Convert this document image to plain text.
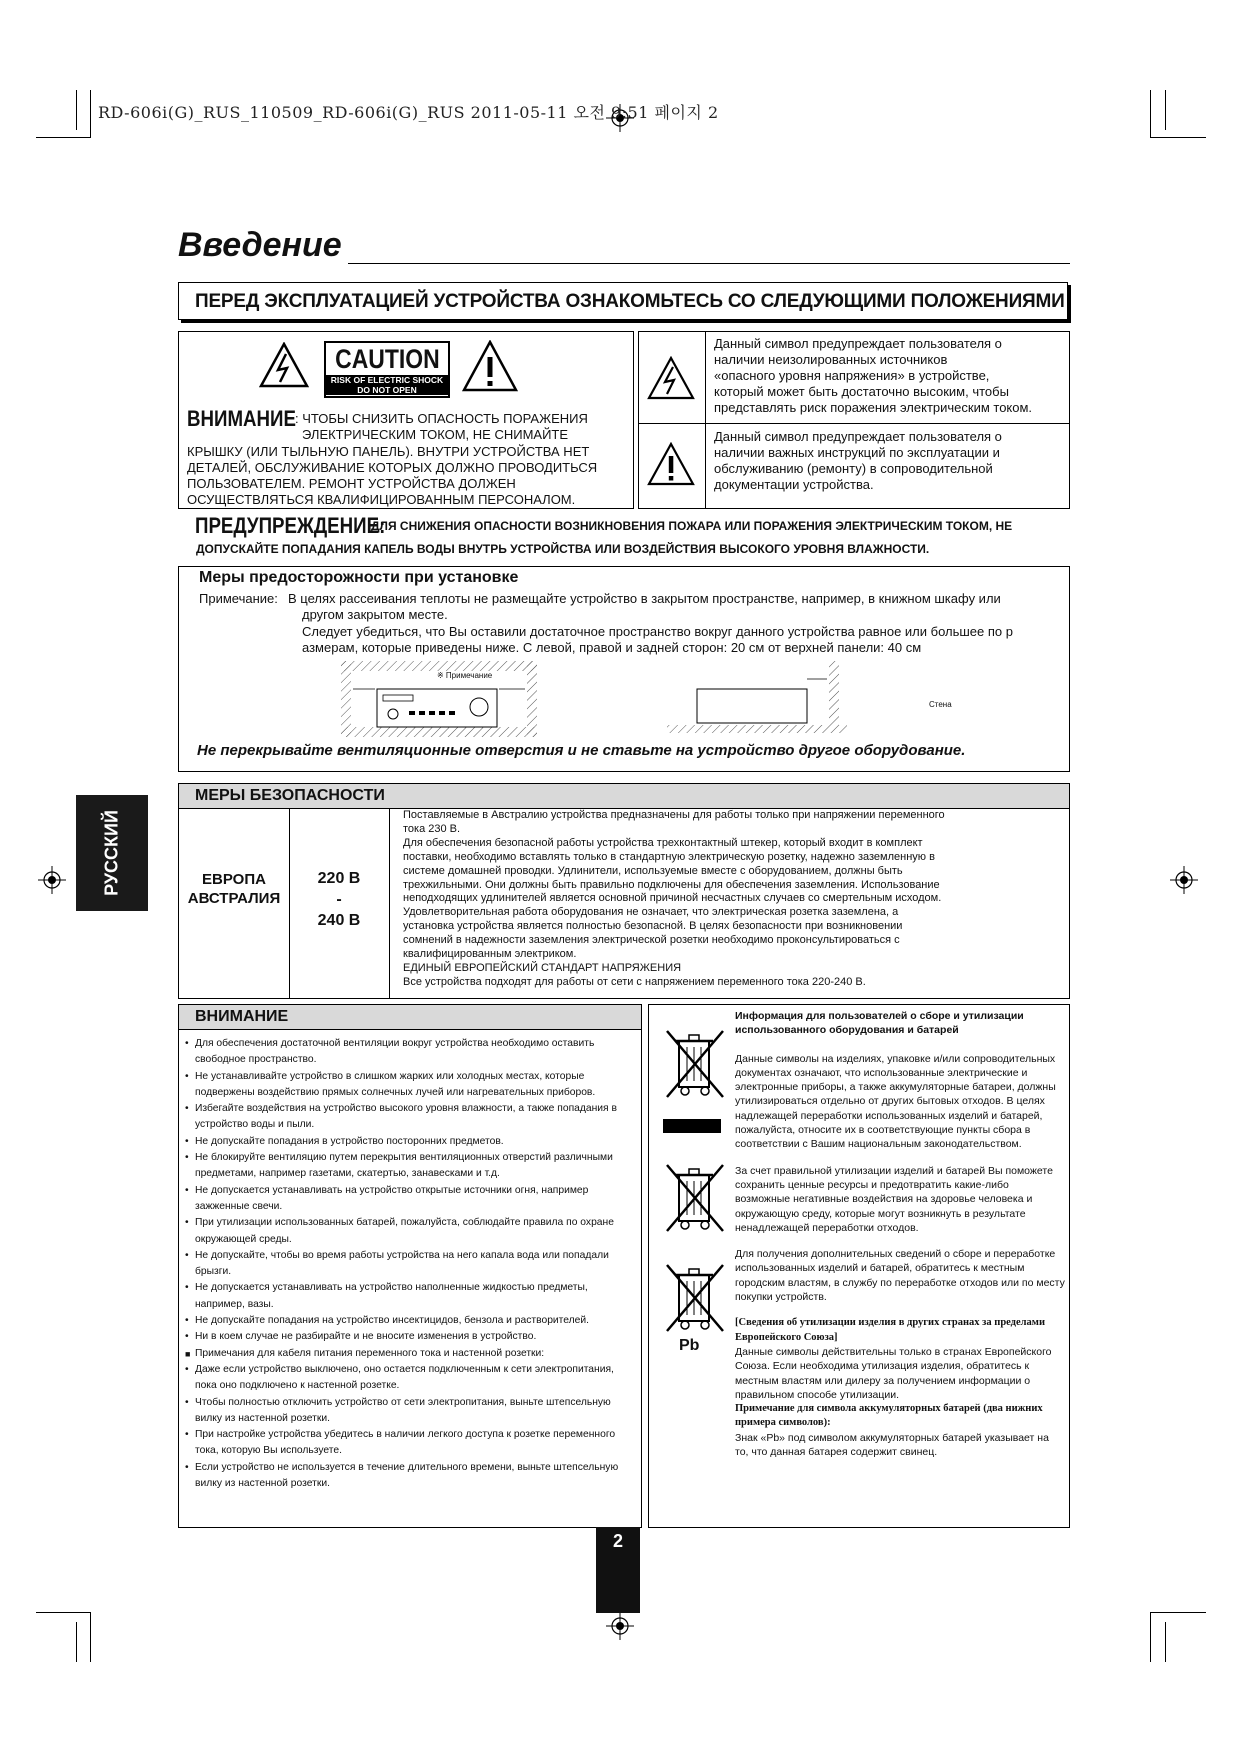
RD-606i(G)_RUS_110509_RD-606i(G)_RUS 2011-05-11 오전 9:51 페이지 2
Введение
ПЕРЕД ЭКСПЛУАТАЦИЕЙ УСТРОЙСТВА ОЗНАКОМЬТЕСЬ СО СЛЕДУЮЩИМИ ПОЛОЖЕНИЯМИ
CAUTION
RISK OF ELECTRIC SHOCK
DO NOT OPEN
ВНИМАНИЕ : ЧТОБЫ СНИЗИТЬ ОПАСНОСТЬ ПОРАЖЕНИЯ
ЭЛЕКТРИЧЕСКИМ ТОКОМ, НЕ СНИМАЙТЕ
КРЫШКУ (ИЛИ ТЫЛЬНУЮ ПАНЕЛЬ). ВНУТРИ УСТРОЙСТВА НЕТ
ДЕТАЛЕЙ, ОБСЛУЖИВАНИЕ КОТОРЫХ ДОЛЖНО ПРОВОДИТЬСЯ
ПОЛЬЗОВАТЕЛЕМ. РЕМОНТ УСТРОЙСТВА ДОЛЖЕН
ОСУЩЕСТВЛЯТЬСЯ КВАЛИФИЦИРОВАННЫМ ПЕРСОНАЛОМ.
Данный символ предупреждает пользователя о
наличии неизолированных источников
«опасного уровня напряжения» в устройстве,
который может быть достаточно высоким, чтобы
представлять риск поражения электрическим током.
Данный символ предупреждает пользователя о
наличии важных инструкций по эксплуатации и
обслуживанию (ремонту) в сопроводительной
документации устройства.
ПРЕДУПРЕЖДЕНИЕ:
ДЛЯ СНИЖЕНИЯ ОПАСНОСТИ ВОЗНИКНОВЕНИЯ ПОЖАРА ИЛИ ПОРАЖЕНИЯ ЭЛЕКТРИЧЕСКИМ ТОКОМ, НЕ
ДОПУСКАЙТЕ ПОПАДАНИЯ КАПЕЛЬ ВОДЫ ВНУТРЬ УСТРОЙСТВА ИЛИ ВОЗДЕЙСТВИЯ ВЫСОКОГО УРОВНЯ ВЛАЖНОСТИ.
Меры предосторожности при установке
Примечание: В целях рассеивания теплоты не размещайте устройство в закрытом пространстве, например, в книжном шкафу или
другом закрытом месте.
Следует убедиться, что Вы оставили достаточное пространство вокруг данного устройства равное или большее по р
азмерам, которые приведены ниже. С левой, правой и задней сторон: 20 см от верхней панели: 40 см
※ Примечание
Стена
Не перекрывайте вентиляционные отверстия и не ставьте на устройство другое оборудование.
МЕРЫ БЕЗОПАСНОСТИ
ЕВРОПА
АВСТРАЛИЯ
220 В
-
240 В
Поставляемые в Австралию устройства предназначены для работы только при напряжении переменного
тока 230 В.
Для обеспечения безопасной работы устройства трехконтактный штекер, который входит в комплект
поставки, необходимо вставлять только в стандартную электрическую розетку, надежно заземленную в
системе домашней проводки. Удлинители, используемые вместе с оборудованием, должны быть
трехжильными. Они должны быть правильно подключены для обеспечения заземления. Использование
неподходящих удлинителей является основной причиной несчастных случаев со смертельным исходом.
Удовлетворительная работа оборудования не означает, что электрическая розетка заземлена, а
установка устройства является полностью безопасной. В целях безопасности при возникновении
сомнений в надежности заземления электрической розетки необходимо проконсультироваться с
квалифицированным электриком.
ЕДИНЫЙ ЕВРОПЕЙСКИЙ СТАНДАРТ НАПРЯЖЕНИЯ
Все устройства подходят для работы от сети с напряжением переменного тока 220-240 В.
ВНИМАНИЕ
• Для обеспечения достаточной вентиляции вокруг устройства необходимо оставить свободное пространство.
• Не устанавливайте устройство в слишком жарких или холодных местах, которые подвержены воздействию прямых солнечных лучей или нагревательных приборов.
• Избегайте воздействия на устройство высокого уровня влажности, а также попадания в устройство воды и пыли.
• Не допускайте попадания в устройство посторонних предметов.
• Не блокируйте вентиляцию путем перекрытия вентиляционных отверстий различными предметами, например газетами, скатертью, занавесками и т.д.
• Не допускается устанавливать на устройство открытые источники огня, например зажженные свечи.
• При утилизации использованных батарей, пожалуйста, соблюдайте правила по охране окружающей среды.
• Не допускайте, чтобы во время работы устройства на него капала вода или попадали брызги.
• Не допускается устанавливать на устройство наполненные жидкостью предметы, например, вазы.
• Не допускайте попадания на устройство инсектицидов, бензола и растворителей.
• Ни в коем случае не разбирайте и не вносите изменения в устройство.
■ Примечания для кабеля питания переменного тока и настенной розетки:
• Даже если устройство выключено, оно остается подключенным к сети электропитания, пока оно подключено к настенной розетке.
• Чтобы полностью отключить устройство от сети электропитания, выньте штепсельную вилку из настенной розетки.
• При настройке устройства убедитесь в наличии легкого доступа к розетке переменного тока, которую Вы используете.
• Если устройство не используется в течение длительного времени, выньте штепсельную вилку из настенной розетки.
Pb
Информация для пользователей о сборе и утилизации
использованного оборудования и батарей
Данные символы на изделиях, упаковке и/или сопроводительных документах означают, что использованные электрические и электронные приборы, а также аккумуляторные батареи, должны утилизироваться отдельно от других бытовых отходов. В целях надлежащей переработки использованных изделий и батарей, пожалуйста, относите их в соответствующие пункты сбора в соответствии с Вашим национальным законодательством.
За счет правильной утилизации изделий и батарей Вы поможете сохранить ценные ресурсы и предотвратить какие-либо возможные негативные воздействия на здоровье человека и окружающую среду, которые могут возникнуть в результате ненадлежащей переработки отходов.
Для получения дополнительных сведений о сборе и переработке использованных изделий и батарей, обратитесь к местным городским властям, в службу по переработке отходов или по месту покупки устройств.
[Сведения об утилизации изделия в других странах за пределами Европейского Союза]
Данные символы действительны только в странах Европейского Союза. Если необходима утилизация изделия, обратитесь к местным властям или дилеру за получением информации о правильном способе утилизации.
Примечание для символа аккумуляторных батарей (два нижних примера символов):
Знак «Pb» под символом аккумуляторных батарей указывает на то, что данная батарея содержит свинец.
РУССКИЙ
2
